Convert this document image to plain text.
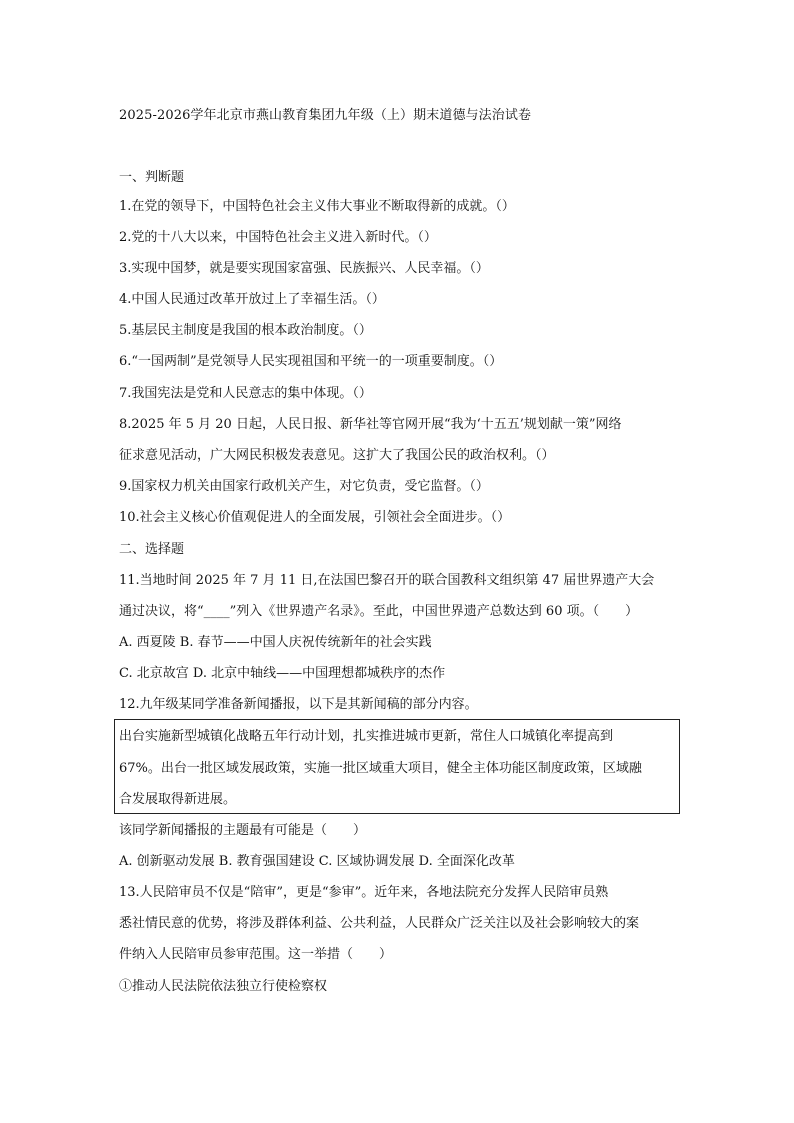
2025-2026学年北京市燕山教育集团九年级（上）期末道德与法治试卷
一、判断题
1.在党的领导下，中国特色社会主义伟大事业不断取得新的成就。（）
2.党的十八大以来，中国特色社会主义进入新时代。（）
3.实现中国梦，就是要实现国家富强、民族振兴、人民幸福。（）
4.中国人民通过改革开放过上了幸福生活。（）
5.基层民主制度是我国的根本政治制度。（）
6.“一国两制”是党领导人民实现祖国和平统一的一项重要制度。（）
7.我国宪法是党和人民意志的集中体现。（）
8.2025 年 5 月 20 日起，人民日报、新华社等官网开展“我为‘十五五’规划献一策”网络
征求意见活动，广大网民积极发表意见。这扩大了我国公民的政治权利。（）
9.国家权力机关由国家行政机关产生，对它负责，受它监督。（）
10.社会主义核心价值观促进人的全面发展，引领社会全面进步。（）
二、选择题
11.当地时间 2025 年 7 月 11 日,在法国巴黎召开的联合国教科文组织第 47 届世界遗产大会
通过决议，将“____”列入《世界遗产名录》。至此，中国世界遗产总数达到 60 项。（　　）
A. 西夏陵 B. 春节——中国人庆祝传统新年的社会实践
C. 北京故宫 D. 北京中轴线——中国理想都城秩序的杰作
12.九年级某同学准备新闻播报，以下是其新闻稿的部分内容。
出台实施新型城镇化战略五年行动计划，扎实推进城市更新，常住人口城镇化率提高到
67%。出台一批区域发展政策，实施一批区域重大项目，健全主体功能区制度政策，区域融
合发展取得新进展。
该同学新闻播报的主题最有可能是（　　）
A. 创新驱动发展 B. 教育强国建设 C. 区域协调发展 D. 全面深化改革
13.人民陪审员不仅是“陪审”，更是“参审”。近年来，各地法院充分发挥人民陪审员熟
悉社情民意的优势，将涉及群体利益、公共利益，人民群众广泛关注以及社会影响较大的案
件纳入人民陪审员参审范围。这一举措（　　）
①推动人民法院依法独立行使检察权
